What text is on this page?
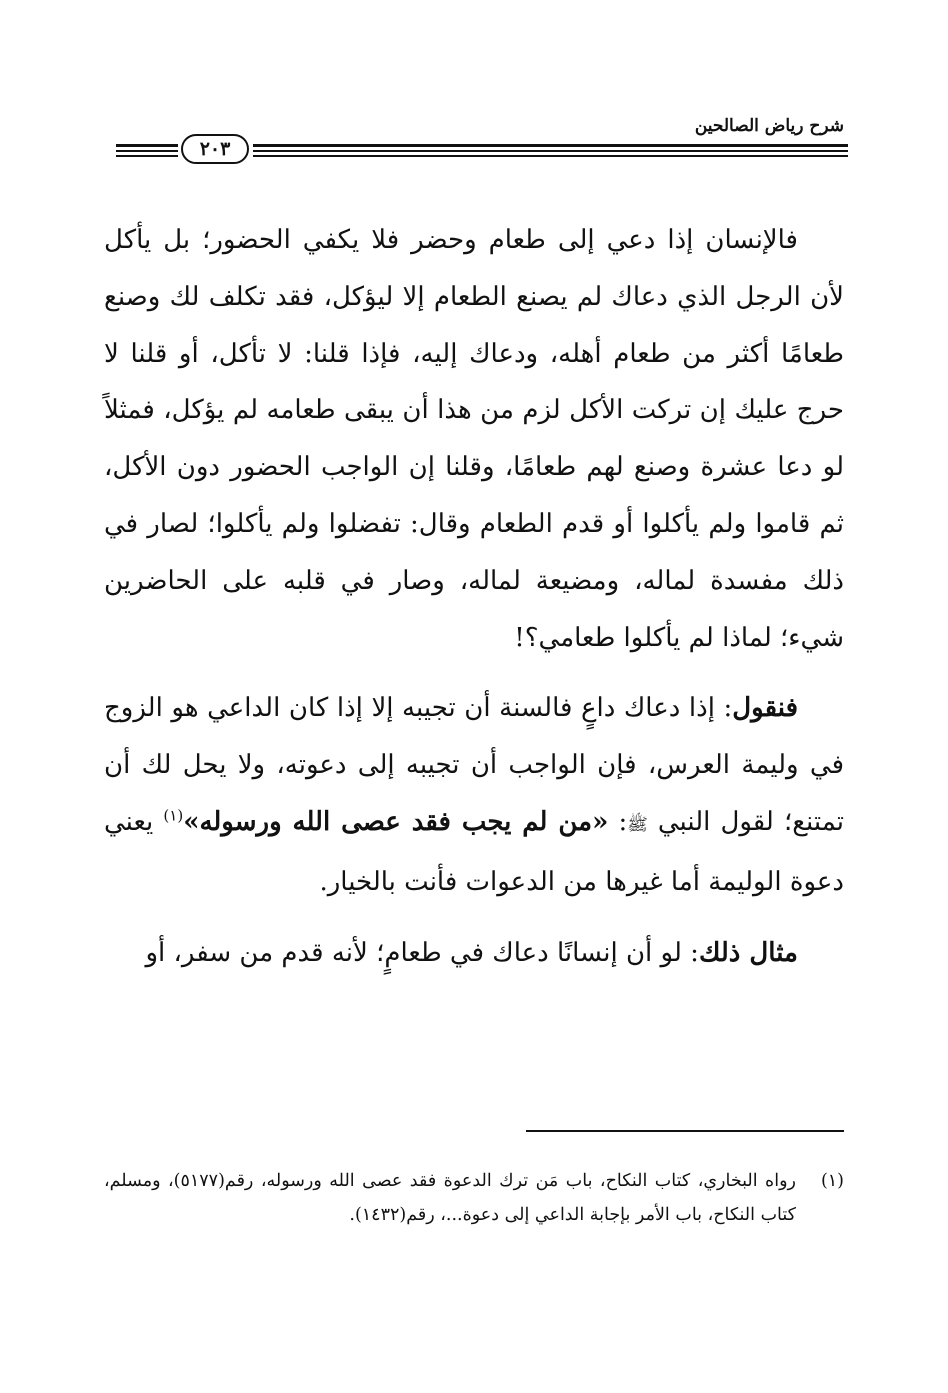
شرح رياض الصالحين
٢٠٣

فالإنسان إذا دعي إلى طعام وحضر فلا يكفي الحضور؛ بل يأكل لأن الرجل الذي دعاك لم يصنع الطعام إلا ليؤكل، فقد تكلف لك وصنع طعامًا أكثر من طعام أهله، ودعاك إليه، فإذا قلنا: لا تأكل، أو قلنا لا حرج عليك إن تركت الأكل لزم من هذا أن يبقى طعامه لم يؤكل، فمثلاً لو دعا عشرة وصنع لهم طعامًا، وقلنا إن الواجب الحضور دون الأكل، ثم قاموا ولم يأكلوا أو قدم الطعام وقال: تفضلوا ولم يأكلوا؛ لصار في ذلك مفسدة لماله، ومضيعة لماله، وصار في قلبه على الحاضرين شيء؛ لماذا لم يأكلوا طعامي؟!

فنقول: إذا دعاك داعٍ فالسنة أن تجيبه إلا إذا كان الداعي هو الزوج في وليمة العرس، فإن الواجب أن تجيبه إلى دعوته، ولا يحل لك أن تمتنع؛ لقول النبي ﷺ: «من لم يجب فقد عصى الله ورسوله»$^{(١)}$ يعني دعوة الوليمة أما غيرها من الدعوات فأنت بالخيار.

مثال ذلك: لو أن إنسانًا دعاك في طعامٍ؛ لأنه قدم من سفر، أو

(١)
رواه البخاري، كتاب النكاح، باب مَن ترك الدعوة فقد عصى الله ورسوله، رقم(٥١٧٧)، ومسلم، كتاب النكاح، باب الأمر بإجابة الداعي إلى دعوة...، رقم(١٤٣٢).
